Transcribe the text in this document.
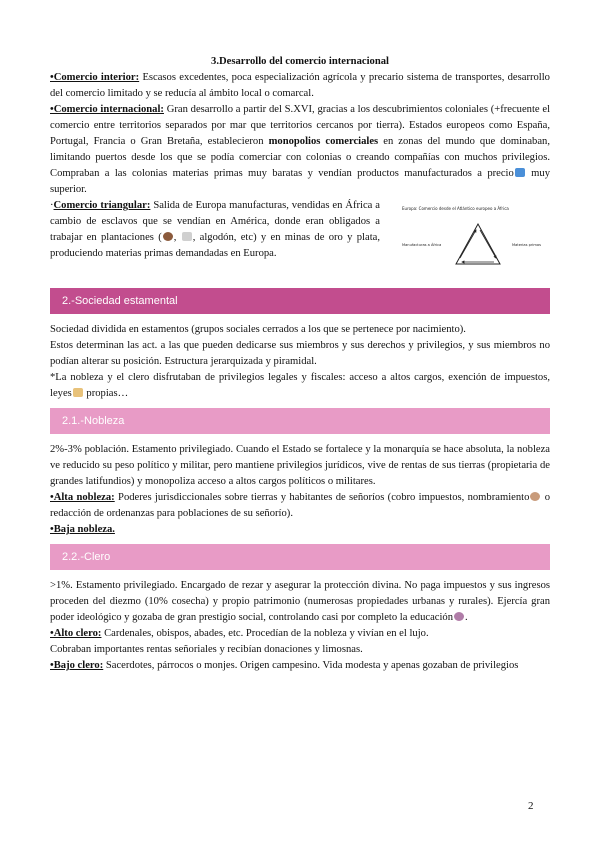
3.Desarrollo del comercio internacional

•Comercio interior: Escasos excedentes, poca especialización agrícola y precario sistema de transportes, desarrollo del comercio limitado y se reducía al ámbito local o comarcal.

•Comercio internacional: Gran desarrollo a partir del S.XVI, gracias a los descubrimientos coloniales (+frecuente el comercio entre territorios separados por mar que territorios cercanos por tierra). Estados europeos como España, Portugal, Francia o Gran Bretaña, establecieron monopolios comerciales en zonas del mundo que dominaban, limitando puertos desde los que se podía comerciar con colonias o creando compañías con muchos privilegios. Compraban a las colonias materias primas muy baratas y vendían productos manufacturados a precio muy superior.

·Comercio triangular: Salida de Europa manufacturas, vendidas en África a cambio de esclavos que se vendían en América, donde eran obligados a trabajar en plantaciones ( , , algodón, etc) y en minas de oro y plata, produciendo materias primas demandadas en Europa.

Europa: Comercio desde el Atlántico europeo a África
Manufacturas a África	Materias primas
2.-Sociedad estamental

Sociedad dividida en estamentos (grupos sociales cerrados a los que se pertenece por nacimiento).

Estos determinan las act. a las que pueden dedicarse sus miembros y sus derechos y privilegios, y sus miembros no podían alterar su posición. Estructura jerarquizada y piramidal.

*La nobleza y el clero disfrutaban de privilegios legales y fiscales: acceso a altos cargos, exención de impuestos, leyes propias…

2.1.-Nobleza

2%-3% población. Estamento privilegiado. Cuando el Estado se fortalece y la monarquía se hace absoluta, la nobleza ve reducido su peso político y militar, pero mantiene privilegios jurídicos, vive de rentas de sus tierras (propietaria de grandes latifundios) y monopoliza acceso a altos cargos políticos o militares.

•Alta nobleza: Poderes jurisdiccionales sobre tierras y habitantes de señoríos (cobro impuestos, nombramiento o redacción de ordenanzas para poblaciones de su señorío).

•Baja nobleza.

2.2.-Clero

>1%. Estamento privilegiado. Encargado de rezar y asegurar la protección divina. No paga impuestos y sus ingresos proceden del diezmo (10% cosecha) y propio patrimonio (numerosas propiedades urbanas y rurales). Ejercía gran poder ideológico y gozaba de gran prestigio social, controlando casi por completo la educación .

•Alto clero: Cardenales, obispos, abades, etc. Procedían de la nobleza y vivían en el lujo.

Cobraban importantes rentas señoriales y recibían donaciones y limosnas.

•Bajo clero: Sacerdotes, párrocos o monjes. Origen campesino. Vida modesta y apenas gozaban de privilegios

2
